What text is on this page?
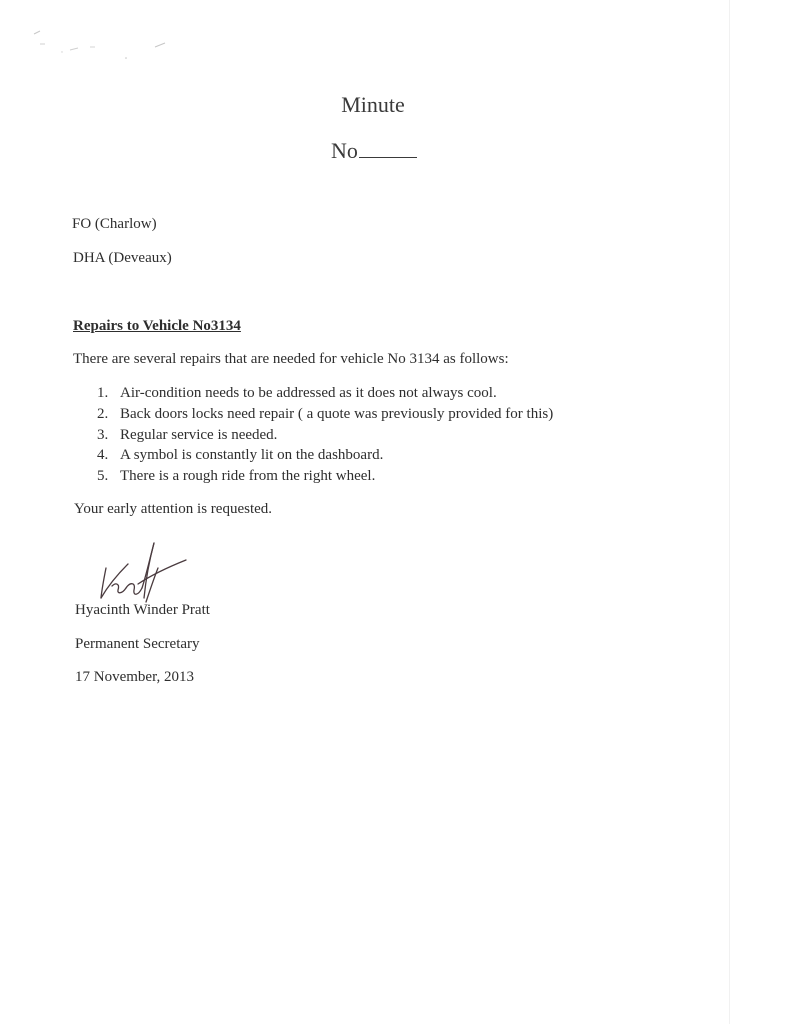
Minute
No
FO (Charlow)
DHA (Deveaux)
Repairs to Vehicle No3134
There are several repairs that are needed for vehicle No 3134 as follows:
1. Air-condition needs to be addressed as it does not always cool.
2. Back doors locks need repair ( a quote was previously provided for this)
3. Regular service is needed.
4. A symbol is constantly lit on the dashboard.
5. There is a rough ride from the right wheel.
Your early attention is requested.
Hyacinth Winder Pratt
Permanent Secretary
17 November, 2013
